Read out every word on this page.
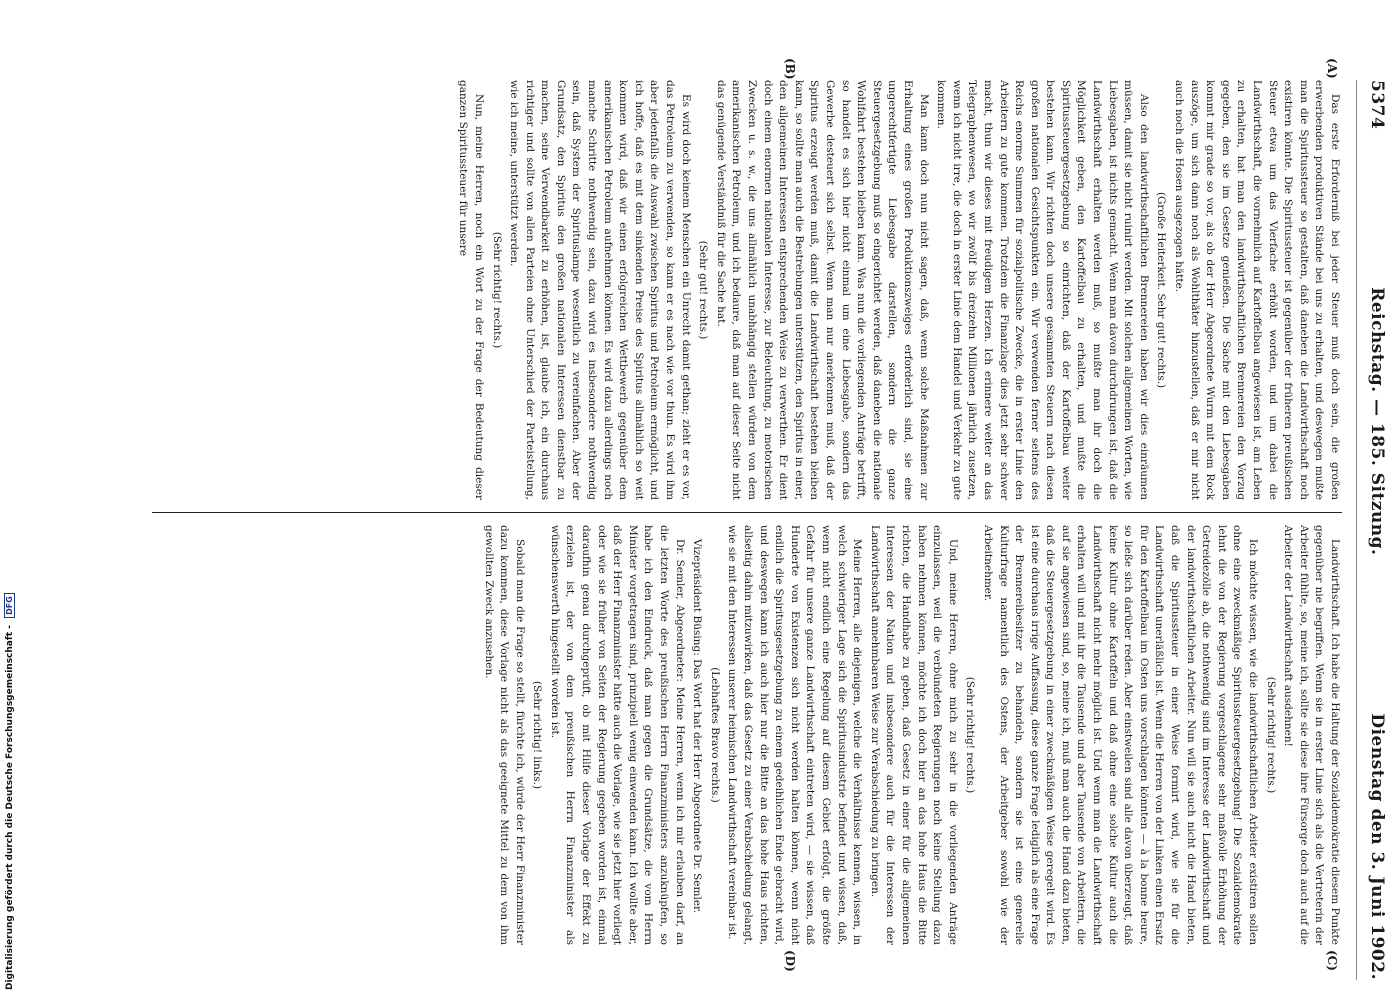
5374
Reichstag. — 185. Sitzung.
Dienstag den 3. Juni 1902.
(A)
(B)
(C)
(D)

Das erste Erforderniß bei jeder Steuer muß doch sein, die großen erwerbenden produktiven Stände bei uns zu erhalten, und deswegen mußte man die Spiritussteuer so gestalten, daß daneben die Landwirthschaft noch existiren könnte. Die Spiritussteuer ist gegenüber der früheren preußischen Steuer etwa um das Vierfache erhöht worden, und um dabei die Landwirthschaft, die vornehmlich auf Kartoffelbau angewiesen ist, am Leben zu erhalten, hat man den landwirthschaftlichen Brennereien den Vorzug gegeben, den sie im Gesetze genießen. Die Sache mit den Liebesgaben kommt mir grade so vor, als ob der Herr Abgeordnete Wurm mit dem Rock auszöge, um sich dann noch als Wohlthäter hinzustellen, daß er mir nicht auch noch die Hosen ausgezogen hätte.

(Große Heiterkeit. Sehr gut! rechts.)

Also den landwirthschaftlichen Brennereien haben wir dies einräumen müssen, damit sie nicht ruinirt werden. Mit solchen allgemeinen Worten, wie Liebesgaben, ist nichts gemacht. Wenn man davon durchdrungen ist, daß die Landwirthschaft erhalten werden muß, so mußte man ihr doch die Möglichkeit geben, den Kartoffelbau zu erhalten, und mußte die Spiritussteuergesetzgebung so einrichten, daß der Kartoffelbau weiter bestehen kann. Wir richten doch unsere gesammten Steuern nach diesen großen nationalen Gesichtspunkten ein. Wir verwenden ferner seitens des Reichs enorme Summen für sozialpolitische Zwecke, die in erster Linie den Arbeitern zu gute kommen. Trotzdem die Finanzlage dies jetzt sehr schwer macht, thun wir dieses mit freudigem Herzen. Ich erinnere weiter an das Telegraphenwesen, wo wir zwölf bis dreizehn Millionen jährlich zusetzen, wenn ich nicht irre, die doch in erster Linie dem Handel und Verkehr zu gute kommen.

Man kann doch nun nicht sagen, daß, wenn solche Maßnahmen zur Erhaltung eines großen Produktionszweiges erforderlich sind, sie eine ungerechtfertigte Liebesgabe darstellen, sondern die ganze Steuergesetzgebung muß so eingerichtet werden, daß daneben die nationale Wohlfahrt bestehen bleiben kann. Was nun die vorliegenden Anträge betrifft, so handelt es sich hier nicht einmal um eine Liebesgabe, sondern das Gewerbe desteuert sich selbst. Wenn man nur anerkennen muß, daß der Spiritus erzeugt werden muß, damit die Landwirthschaft bestehen bleiben kann, so sollte man auch die Bestrebungen unterstützen, den Spiritus in einer, den allgemeinen Interessen entsprechenden Weise zu verwerthen. Er dient doch einem enormen nationalen Interesse, zur Beleuchtung, zu motorischen Zwecken u. s. w., die uns allmählich unabhängig stellen würden von dem amerikanischen Petroleum, und ich bedaure, daß man auf dieser Seite nicht das genügende Verständniß für die Sache hat.

(Sehr gut! rechts.)

Es wird doch keinem Menschen ein Unrecht damit gethan; zieht er es vor, das Petroleum zu verwenden, so kann er es nach wie vor thun. Es wird ihm aber jedenfalls die Auswahl zwischen Spiritus und Petroleum ermöglicht, und ich hoffe, daß es mit dem sinkenden Preise des Spiritus allmählich so weit kommen wird, daß wir einen erfolgreichen Wettbewerb gegenüber dem amerikanischen Petroleum aufnehmen können. Es wird dazu allerdings noch manche Schritte nothwendig sein, dazu wird es insbesondere nothwendig sein, daß System der Spirituslampe wesentlich zu vereinfachen. Aber der Grundsatz, den Spiritus den großen nationalen Interessen dienstbar zu machen, seine Verwendbarkeit zu erhöhen, ist, glaube ich, ein durchaus richtiger und sollte von allen Parteien ohne Unterschied der Parteistellung, wie ich meine, unterstützt werden.

(Sehr richtig! rechts.)

Nun, meine Herren, noch ein Wort zu der Frage der Bedeutung dieser ganzen Spiritussteuer für unsere

Landwirthschaft. Ich habe die Haltung der Sozialdemokratie diesem Punkte gegenüber nie begriffen. Wenn sie in erster Linie sich als die Vertreterin der Arbeiter fühlte, so, meine ich, sollte sie diese ihre Fürsorge doch auch auf die Arbeiter der Landwirthschaft ausdehnen!

(Sehr richtig! rechts.)

Ich möchte wissen, wie die landwirthschaftlichen Arbeiter existiren sollen ohne eine zweckmäßige Spiritussteuergesetzgebung! Die Sozialdemokratie lehnt die von der Regierung vorgeschlagene sehr maßvolle Erhöhung der Getreidezölle ab, die nothwendig sind im Interesse der Landwirthschaft und der landwirthschaftlichen Arbeiter. Nun will sie auch nicht die Hand bieten, daß die Spiritussteuer in einer Weise formirt wird, wie sie für die Landwirthschaft unerläßlich ist. Wenn die Herren von der Linken einen Ersatz für den Kartoffelbau im Osten uns vorschlagen könnten — à la bonne heure, so ließe sich darüber reden. Aber einstweilen sind alle davon überzeugt, daß keine Kultur ohne Kartoffeln und daß ohne eine solche Kultur auch die Landwirthschaft nicht mehr möglich ist. Und wenn man die Landwirthschaft erhalten will und mit ihr die Tausende und aber Tausende von Arbeitern, die auf sie angewiesen sind, so, meine ich, muß man auch die Hand dazu bieten, daß die Steuergesetzgebung in einer zweckmäßigen Weise geregelt wird. Es ist eine durchaus irrige Auffassung, diese ganze Frage lediglich als eine Frage der Brennereibesitzer zu behandeln, sondern sie ist eine generelle Kulturfrage namentlich des Ostens, der Arbeitgeber sowohl wie der Arbeitnehmer.

(Sehr richtig! rechts.)

Und, meine Herren, ohne mich zu sehr in die vorliegenden Anträge einzulassen, weil die verbündeten Regierungen noch keine Stellung dazu haben nehmen können, möchte ich doch hier an das hohe Haus die Bitte richten, die Handhabe zu geben, daß Gesetz in einer für die allgemeinen Interessen der Nation und insbesondere auch für die Interessen der Landwirthschaft annehmbaren Weise zur Verabschiedung zu bringen.

Meine Herren, alle diejenigen, welche die Verhältnisse kennen, wissen, in welch schwieriger Lage sich die Spiritusindustrie befindet und wissen, daß, wenn nicht endlich eine Regelung auf diesem Gebiet erfolgt, die größte Gefahr für unsere ganze Landwirthschaft eintreten wird, — sie wissen, daß Hunderte von Existenzen sich nicht werden halten können, wenn nicht endlich die Spiritusgesetzgebung zu einem gedeihlichen Ende gebracht wird, und deswegen kann ich auch hier nur die Bitte an das hohe Haus richten, allseitig dahin mitzuwirken, daß das Gesetz zu einer Verabschiedung gelangt, wie sie mit den Interessen unserer heimischen Landwirthschaft vereinbar ist.

(Lebhaftes Bravo rechts.)

Vizepräsident Büsing: Das Wort hat der Herr Abgeordnete Dr. Semler.

Dr. Semler, Abgeordneter: Meine Herren, wenn ich mir erlauben darf, an die letzten Worte des preußischen Herrn Finanzministers anzuknüpfen, so habe ich den Eindruck, daß man gegen die Grundsätze, die vom Herrn Minister vorgetragen sind, prinzipiell wenig einwenden kann. Ich wollte aber, daß der Herr Finanzminister hätte auch die Vorlage, wie sie jetzt hier vorliegt oder wie sie früher von Seiten der Regierung gegeben worden ist, einmal daraufhin genau durchgeprüft, ob mit Hilfe dieser Vorlage der Effekt zu erzielen ist, der von dem preußischen Herrn Finanzminister als wünschenswerth hingestellt worden ist.

(Sehr richtig! links.)

Sobald man die Frage so stellt, fürchte ich, würde der Herr Finanzminister dazu kommen, diese Vorlage nicht als das geeignete Mittel zu dem von ihm gewollten Zweck anzusehen.

Digitalisierung gefördert durch die Deutsche Forschungsgemeinschaft - DFG
